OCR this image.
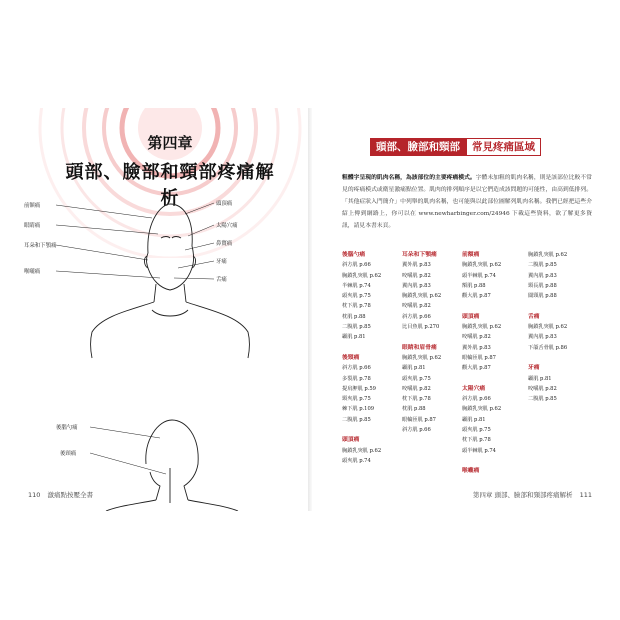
第四章
頭部、臉部和頸部疼痛解析
前額痛
眼睛痛
耳朵和下顎痛
喉嚨痛
頭頂痛
太陽穴痛
鼻竇痛
牙痛
舌痛
後腦勺痛
後頸痛
110 激痛點按壓全書
頭部、臉部和頸部	常見疼痛區域

粗體字呈現的肌肉名稱，為該部位的主要疼痛模式。字體未加粗的肌肉名稱，則是該部位比較不常見的疼痛模式或衛星激痛點位置。肌肉的排列順序是以它們造成該問題的可能性，由高到低排列。「其他症狀入門簡介」中列舉的肌肉名稱，也可能與以此部位圖解列肌肉名稱。我們已經把這些介紹上傳到網路上，你可以在 www.newharbinger.com/24946 下載這些資料，欲了解更多資訊，請見本書末頁。

後腦勺痛
斜方肌 p.66
胸鎖乳突肌 p.62
半棘肌 p.74
頭夾肌 p.75
枕下肌 p.78
枕肌 p.88
二腹肌 p.85
顳肌 p.81
後頸痛
斜方肌 p.66
多裂肌 p.78
提肩胛肌 p.59
頸夾肌 p.75
棘下肌 p.109
二腹肌 p.85
頭頂痛
胸鎖乳突肌 p.62
頭夾肌 p.74
耳朵和下顎痛
翼外肌 p.83
咬嚼肌 p.82
翼內肌 p.83
胸鎖乳突肌 p.62
咬嚼肌 p.82
斜方肌 p.66
比目魚肌 p.270
眼睛和眉骨痛
胸鎖乳突肌 p.62
顳肌 p.81
頭夾肌 p.75
咬嚼肌 p.82
枕下肌 p.78
枕肌 p.88
眼輪匝肌 p.87
斜方肌 p.66
前額痛
胸鎖乳突肌 p.62
頭半棘肌 p.74
額肌 p.88
顴大肌 p.87
頭頂痛
胸鎖乳突肌 p.62
咬嚼肌 p.82
翼外肌 p.83
眼輪匝肌 p.87
顴大肌 p.87
太陽穴痛
斜方肌 p.66
胸鎖乳突肌 p.62
顳肌 p.81
頭夾肌 p.75
枕下肌 p.78
頭半棘肌 p.74
喉嚨痛
胸鎖乳突肌 p.62
二腹肌 p.85
翼內肌 p.83
頸長肌 p.88
闊頸肌 p.88
舌痛
胸鎖乳突肌 p.62
翼內肌 p.83
下頜舌骨肌 p.86
牙痛
顳肌 p.81
咬嚼肌 p.82
二腹肌 p.85
第四章 頭部、臉部和頸部疼痛解析 111
